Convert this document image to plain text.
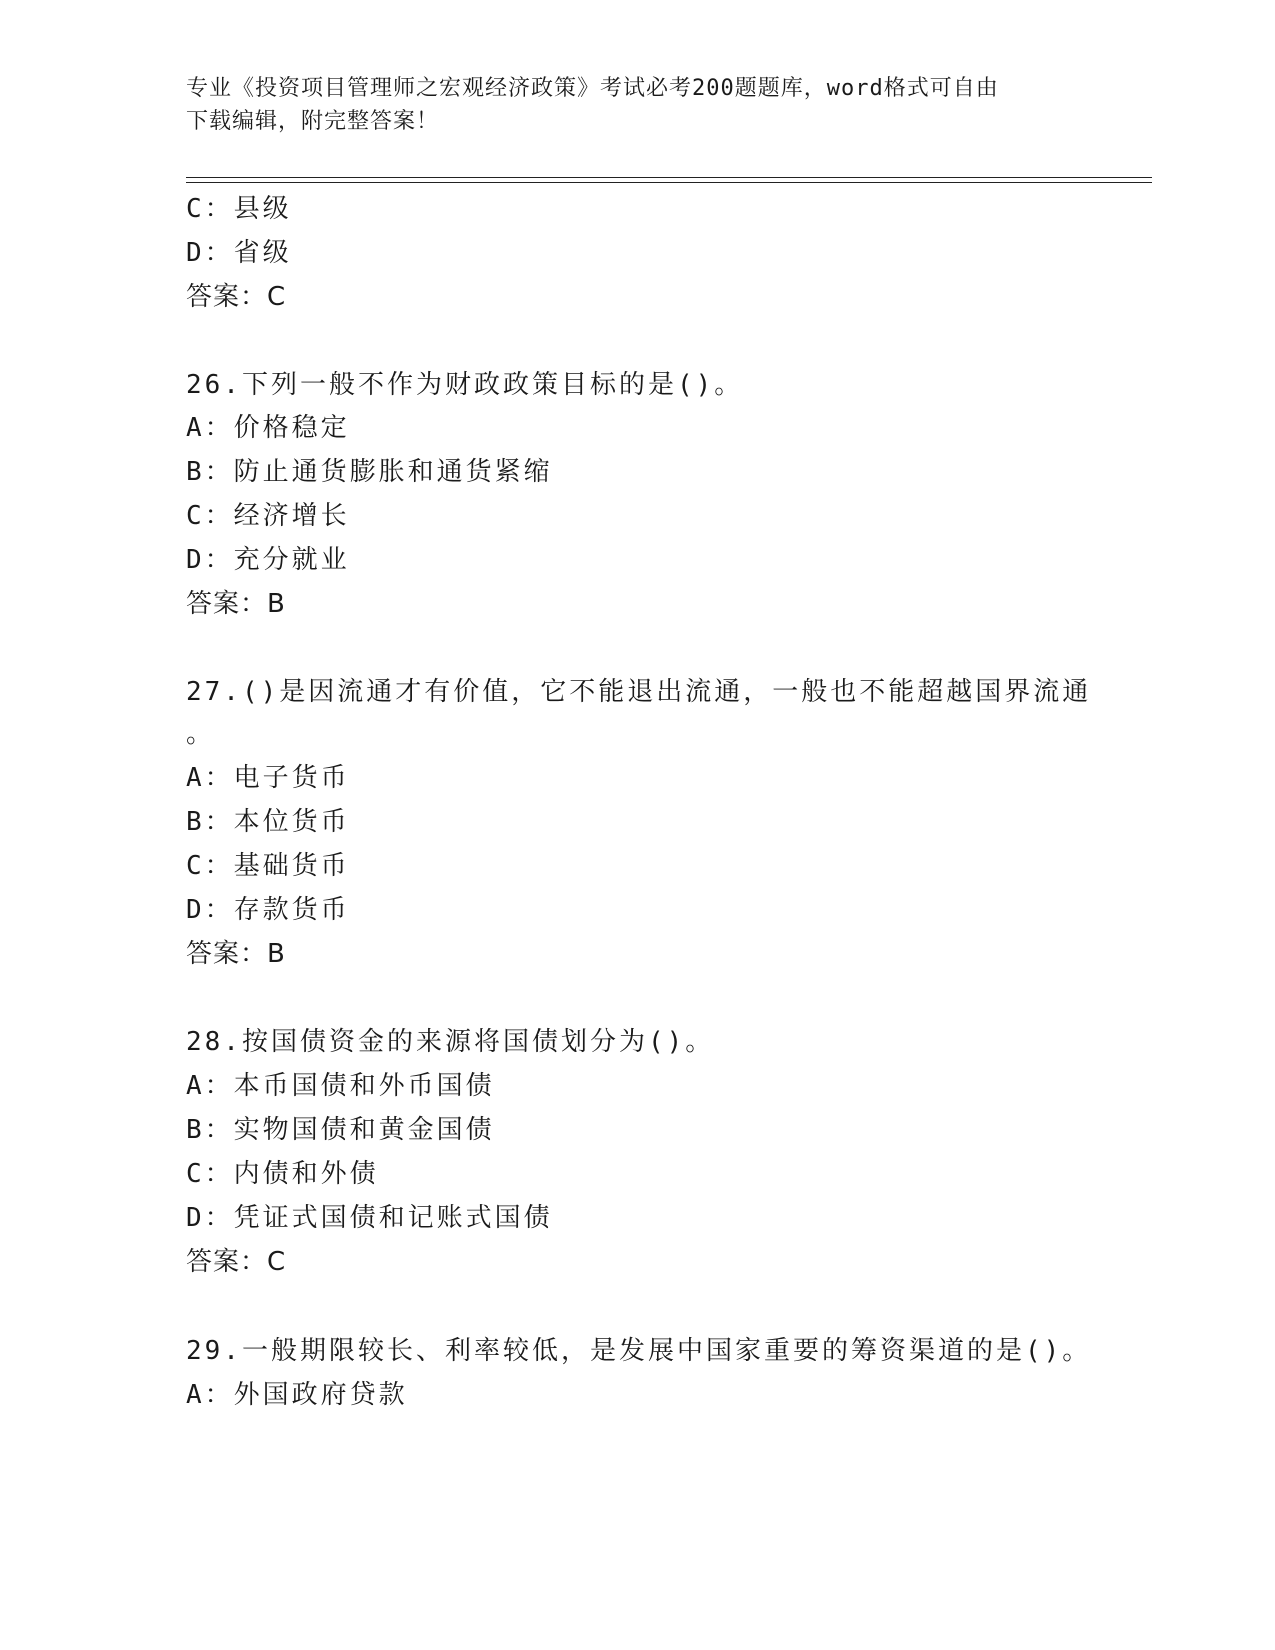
专业《投资项目管理师之宏观经济政策》考试必考200题题库，word格式可自由
下载编辑，附完整答案！
C：县级
D：省级
答案：C
26.下列一般不作为财政政策目标的是()。
A：价格稳定
B：防止通货膨胀和通货紧缩
C：经济增长
D：充分就业
答案：B
27.()是因流通才有价值，它不能退出流通，一般也不能超越国界流通
。
A：电子货币
B：本位货币
C：基础货币
D：存款货币
答案：B
28.按国债资金的来源将国债划分为()。
A：本币国债和外币国债
B：实物国债和黄金国债
C：内债和外债
D：凭证式国债和记账式国债
答案：C
29.一般期限较长、利率较低，是发展中国家重要的筹资渠道的是()。
A：外国政府贷款
